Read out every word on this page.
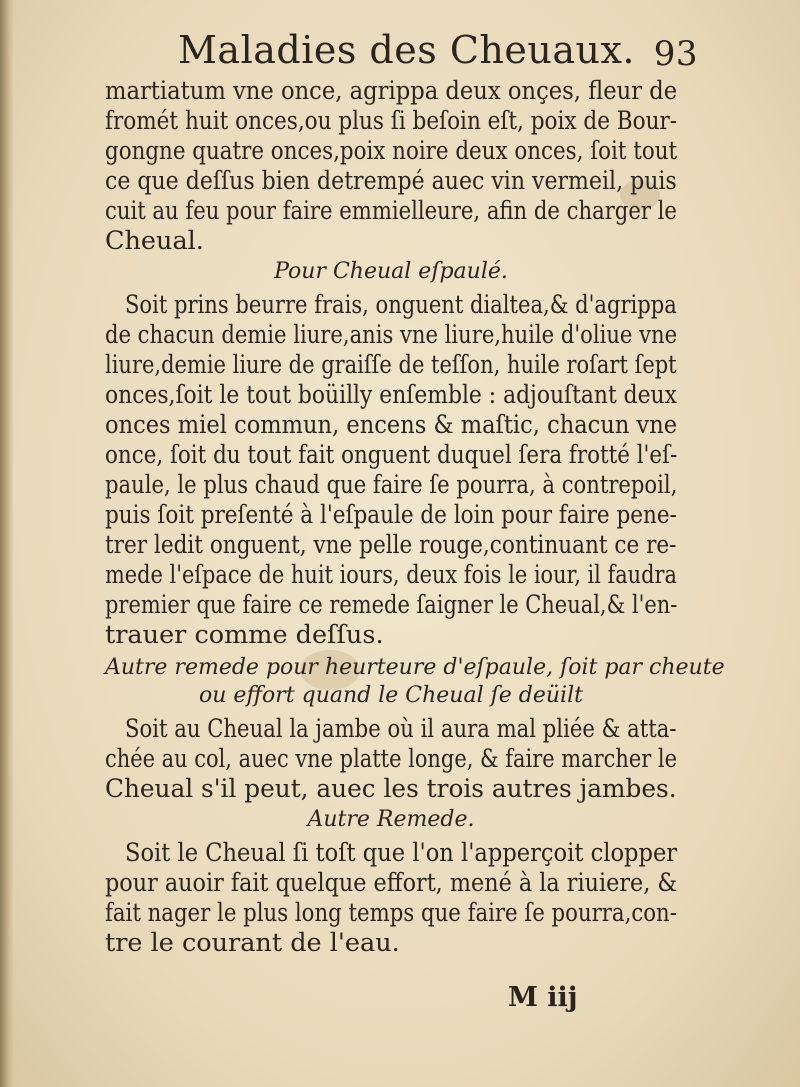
Maladies des Cheuaux. 93
martiatum vne once, agrippa deux onçes, fleur de
fromét huit onces,ou plus ſi beſoin eſt, poix de Bour-
gongne quatre onces,poix noire deux onces, ſoit tout
ce que deſſus bien detrempé auec vin vermeil, puis
cuit au feu pour faire emmielleure, afin de charger le
Cheual.
Pour Cheual eſpaulé.
Soit prins beurre frais, onguent dialtea,& d'agrippa
de chacun demie liure,anis vne liure,huile d'oliue vne
liure,demie liure de graiſſe de teſſon, huile roſart ſept
onces,ſoit le tout boüilly enſemble : adjouſtant deux
onces miel commun, encens & maſtic, chacun vne
once, ſoit du tout fait onguent duquel ſera frotté l'eſ-
paule, le plus chaud que faire ſe pourra, à contrepoil,
puis ſoit preſenté à l'eſpaule de loin pour faire pene-
trer ledit onguent, vne pelle rouge,continuant ce re-
mede l'eſpace de huit iours, deux fois le iour, il faudra
premier que faire ce remede ſaigner le Cheual,& l'en-
trauer comme deſſus.
Autre remede pour heurteure d'eſpaule, ſoit par cheute
ou effort quand le Cheual ſe deüilt
Soit au Cheual la jambe où il aura mal pliée & atta-
chée au col, auec vne platte longe, & faire marcher le
Cheual s'il peut, auec les trois autres jambes.
Autre Remede.
Soit le Cheual ſi toſt que l'on l'apperçoit clopper
pour auoir fait quelque effort, mené à la riuiere, &
fait nager le plus long temps que faire ſe pourra,con-
tre le courant de l'eau.
M iij
